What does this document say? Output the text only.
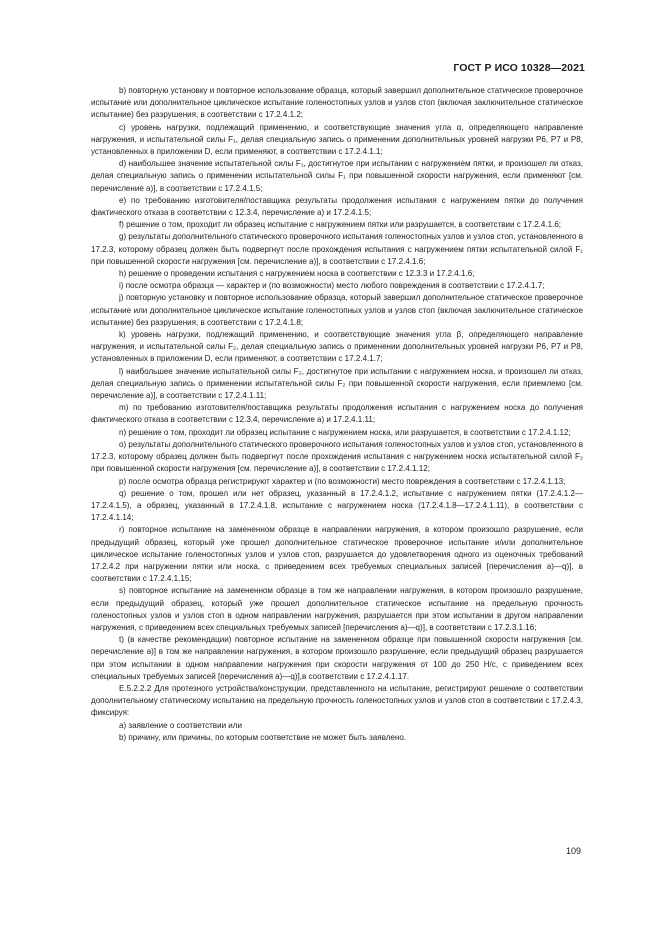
ГОСТ Р ИСО 10328—2021

b) повторную установку и повторное использование образца, который завершил дополнительное статическое проверочное испытание или дополнительное циклическое испытание голеностопных узлов и узлов стоп (включая заключительное статическое испытание) без разрушения, в соответствии с 17.2.4.1.2;

c) уровень нагрузки, подлежащий применению, и соответствующие значения угла α, определяющего направление нагружения, и испытательной силы F₁, делая специальную запись о применении дополнительных уровней нагрузки P6, P7 и P8, установленных в приложении D, если применяют, в соответствии с 17.2.4.1.1;

d) наибольшее значение испытательной силы F₁, достигнутое при испытании с нагружением пятки, и произошел ли отказ, делая специальную запись о применении испытательной силы F₁ при повышенной скорости нагружения, если применяют [см. перечисление a)], в соответствии с 17.2.4.1.5;

e) по требованию изготовителя/поставщика результаты продолжения испытания с нагружением пятки до получения фактического отказа в соответствии с 12.3.4, перечисление a) и 17.2.4.1.5;

f) решение о том, проходит ли образец испытание с нагружением пятки или разрушается, в соответствии с 17.2.4.1.6;

g) результаты дополнительного статического проверочного испытания голеностопных узлов и узлов стоп, установленного в 17.2.3, которому образец должен быть подвергнут после прохождения испытания с нагружением пятки испытательной силой F₁ при повышенной скорости нагружения [см. перечисление a)], в соответствии с 17.2.4.1.6;

h) решение о проведении испытания с нагружением носка в соответствии с 12.3.3 и 17.2.4.1.6;

i) после осмотра образца — характер и (по возможности) место любого повреждения в соответствии с 17.2.4.1.7;

j) повторную установку и повторное использование образца, который завершил дополнительное статическое проверочное испытание или дополнительное циклическое испытание голеностопных узлов и узлов стоп (включая заключительное статическое испытание) без разрушения, в соответствии с 17.2.4.1.8;

k) уровень нагрузки, подлежащий применению, и соответствующие значения угла β, определяющего направление нагружения, и испытательной силы F₂, делая специальную запись о применении дополнительных уровней нагрузки P6, P7 и P8, установленных в приложении D, если применяют, в соответствии с 17.2.4.1.7;

l) наибольшее значение испытательной силы F₂, достигнутое при испытании с нагружением носка, и произошел ли отказ, делая специальную запись о применении испытательной силы F₂ при повышенной скорости нагружения, если приемлемо [см. перечисление a)], в соответствии с 17.2.4.1.11;

m) по требованию изготовителя/поставщика результаты продолжения испытания с нагружением носка до получения фактического отказа в соответствии с 12.3.4, перечисление a) и 17.2.4.1.11;

n) решение о том, проходит ли образец испытание с нагружением носка, или разрушается, в соответствии с 17.2.4.1.12;

o) результаты дополнительного статического проверочного испытания голеностопных узлов и узлов стоп, установленного в 17.2.3, которому образец должен быть подвергнут после прохождения испытания с нагружением носка испытательной силой F₂ при повышенной скорости нагружения [см. перечисление a)], в соответствии с 17.2.4.1.12;

p) после осмотра образца регистрируют характер и (по возможности) место повреждения в соответствии с 17.2.4.1.13;

q) решение о том, прошел или нет образец, указанный в 17.2.4.1.2, испытание с нагружением пятки (17.2.4.1.2—17.2.4.1.5), а образец, указанный в 17.2.4.1.8, испытание с нагружением носка (17.2.4.1.8—17.2.4.1.11), в соответствии с 17.2.4.1.14;

r) повторное испытание на замененном образце в направлении нагружения, в котором произошло разрушение, если предыдущий образец, который уже прошел дополнительное статическое проверочное испытание и/или дополнительное циклическое испытание голеностопных узлов и узлов стоп, разрушается до удовлетворения одного из оценочных требований 17.2.4.2 при нагружении пятки или носка, с приведением всех требуемых специальных записей [перечисления a)—q)], в соответствии с 17.2.4.1.15;

s) повторное испытание на замененном образце в том же направлении нагружения, в котором произошло разрушение, если предыдущий образец, который уже прошел дополнительное статическое испытание на предельную прочность голеностопных узлов и узлов стоп в одном направлении нагружения, разрушается при этом испытании в другом направлении нагружения, с приведением всех специальных требуемых записей [перечисления a)—q)], в соответствии с 17.2.3.1.16;

t) (в качестве рекомендации) повторное испытание на замененном образце при повышенной скорости нагружения [см. перечисление a)] в том же направлении нагружения, в котором произошло разрушение, если предыдущий образец разрушается при этом испытании в одном направлении нагружения при скорости нагружения от 100 до 250 Н/с, с приведением всех специальных требуемых записей [перечисления a)—q)],в соответствии с 17.2.4.1.17.

E.5.2.2.2 Для протезного устройства/конструкции, представленного на испытание, регистрируют решение о соответствии дополнительному статическому испытанию на предельную прочность голеностопных узлов и узлов стоп в соответствии с 17.2.4.3, фиксируя:

a) заявление о соответствии или

b) причину, или причины, по которым соответствие не может быть заявлено.

109
